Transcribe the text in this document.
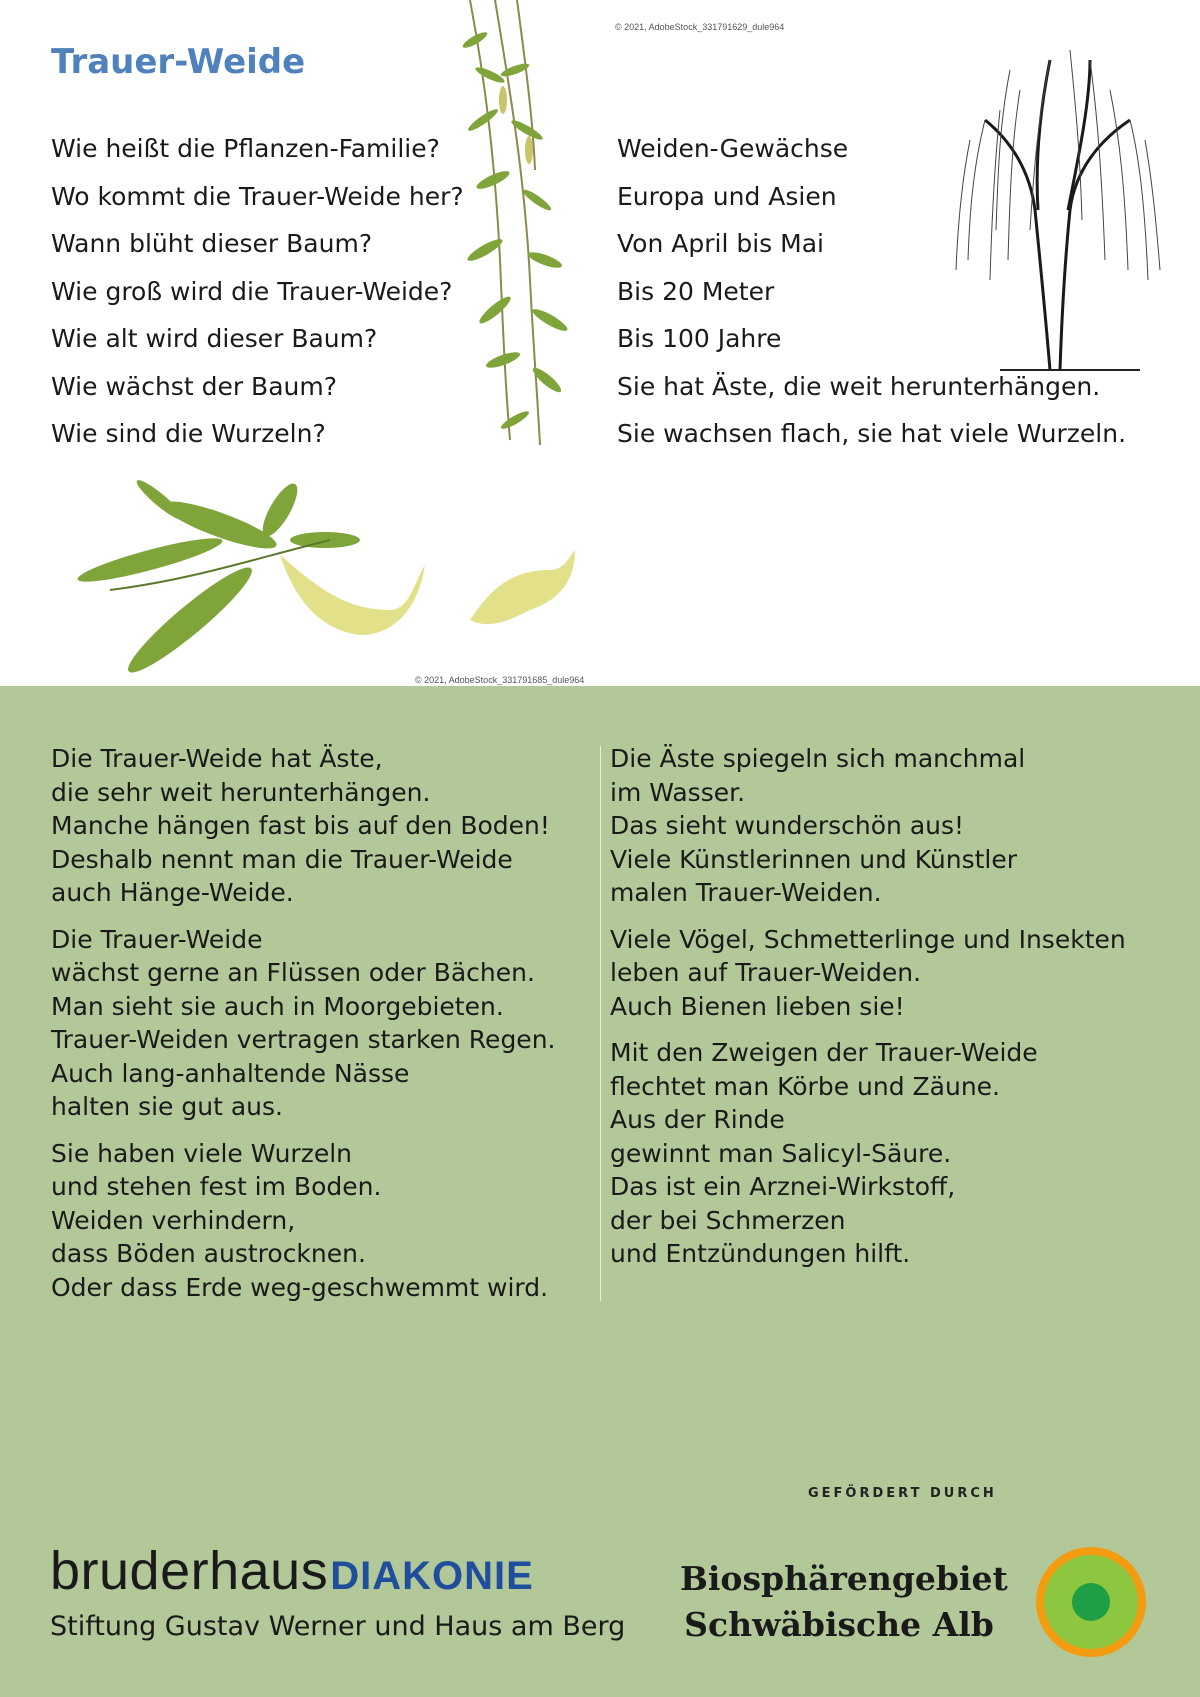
Trauer-Weide
© 2021, AdobeStock_331791629_dule964
Wie heißt die Pflanzen-Familie?	Weiden-Gewächse
Wo kommt die Trauer-Weide her?	Europa und Asien
Wann blüht dieser Baum?	Von April bis Mai
Wie groß wird die Trauer-Weide?	Bis 20 Meter
Wie alt wird dieser Baum?	Bis 100 Jahre
Wie wächst der Baum?	Sie hat Äste, die weit herunterhängen.
Wie sind die Wurzeln?	Sie wachsen flach, sie hat viele Wurzeln.
© 2021, AdobeStock_331791685_dule964

Die Trauer-Weide hat Äste,
die sehr weit herunterhängen.
Manche hängen fast bis auf den Boden!
Deshalb nennt man die Trauer-Weide
auch Hänge-Weide.

Die Trauer-Weide
wächst gerne an Flüssen oder Bächen.
Man sieht sie auch in Moorgebieten.
Trauer-Weiden vertragen starken Regen.
Auch lang-anhaltende Nässe
halten sie gut aus.

Sie haben viele Wurzeln
und stehen fest im Boden.
Weiden verhindern,
dass Böden austrocknen.
Oder dass Erde weg-geschwemmt wird.

Die Äste spiegeln sich manchmal
im Wasser.
Das sieht wunderschön aus!
Viele Künstlerinnen und Künstler
malen Trauer-Weiden.

Viele Vögel, Schmetterlinge und Insekten
leben auf Trauer-Weiden.
Auch Bienen lieben sie!

Mit den Zweigen der Trauer-Weide
flechtet man Körbe und Zäune.
Aus der Rinde
gewinnt man Salicyl-Säure.
Das ist ein Arznei-Wirkstoff,
der bei Schmerzen
und Entzündungen hilft.

GEFÖRDERT DURCH
bruderhausDIAKONIE
Stiftung Gustav Werner und Haus am Berg
Biosphärengebiet
Schwäbische Alb
